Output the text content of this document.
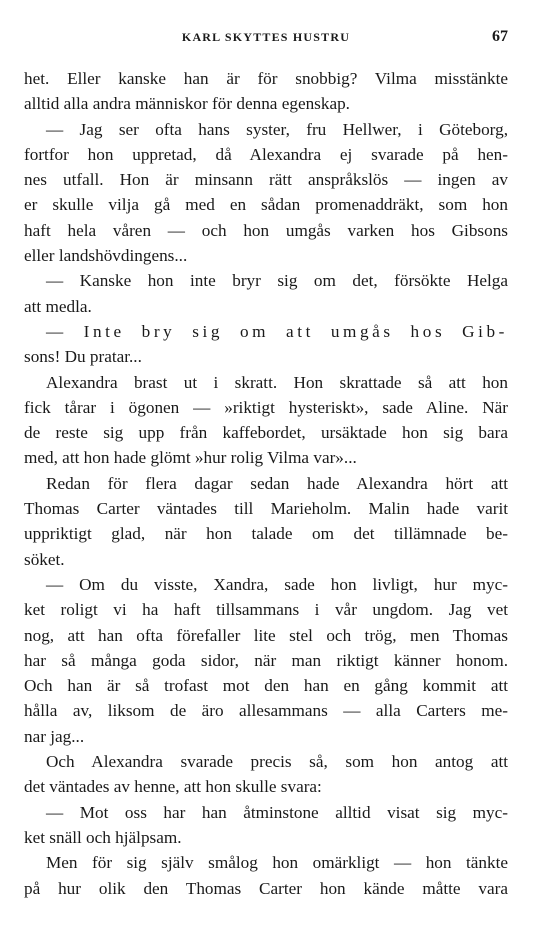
KARL SKYTTES HUSTRU	67
het. Eller kanske han är för snobbig? Vilma misstänkte
alltid alla andra människor för denna egenskap.
— Jag ser ofta hans syster, fru Hellwer, i Göteborg,
fortfor hon uppretad, då Alexandra ej svarade på hen-
nes utfall. Hon är minsann rätt anspråkslös — ingen av
er skulle vilja gå med en sådan promenaddräkt, som hon
haft hela våren — och hon umgås varken hos Gibsons
eller landshövdingens...
— Kanske hon inte bryr sig om det, försökte Helga
att medla.
— Inte bry sig om att umgås hos Gib-
sons! Du pratar...
Alexandra brast ut i skratt. Hon skrattade så att hon
fick tårar i ögonen — »riktigt hysteriskt», sade Aline. När
de reste sig upp från kaffebordet, ursäktade hon sig bara
med, att hon hade glömt »hur rolig Vilma var»...
Redan för flera dagar sedan hade Alexandra hört att
Thomas Carter väntades till Marieholm. Malin hade varit
uppriktigt glad, när hon talade om det tillämnade be-
söket.
— Om du visste, Xandra, sade hon livligt, hur myc-
ket roligt vi ha haft tillsammans i vår ungdom. Jag vet
nog, att han ofta förefaller lite stel och trög, men Thomas
har så många goda sidor, när man riktigt känner honom.
Och han är så trofast mot den han en gång kommit att
hålla av, liksom de äro allesammans — alla Carters me-
nar jag...
Och Alexandra svarade precis så, som hon antog att
det väntades av henne, att hon skulle svara:
— Mot oss har han åtminstone alltid visat sig myc-
ket snäll och hjälpsam.
Men för sig själv smålog hon omärkligt — hon tänkte
på hur olik den Thomas Carter hon kände måtte vara
